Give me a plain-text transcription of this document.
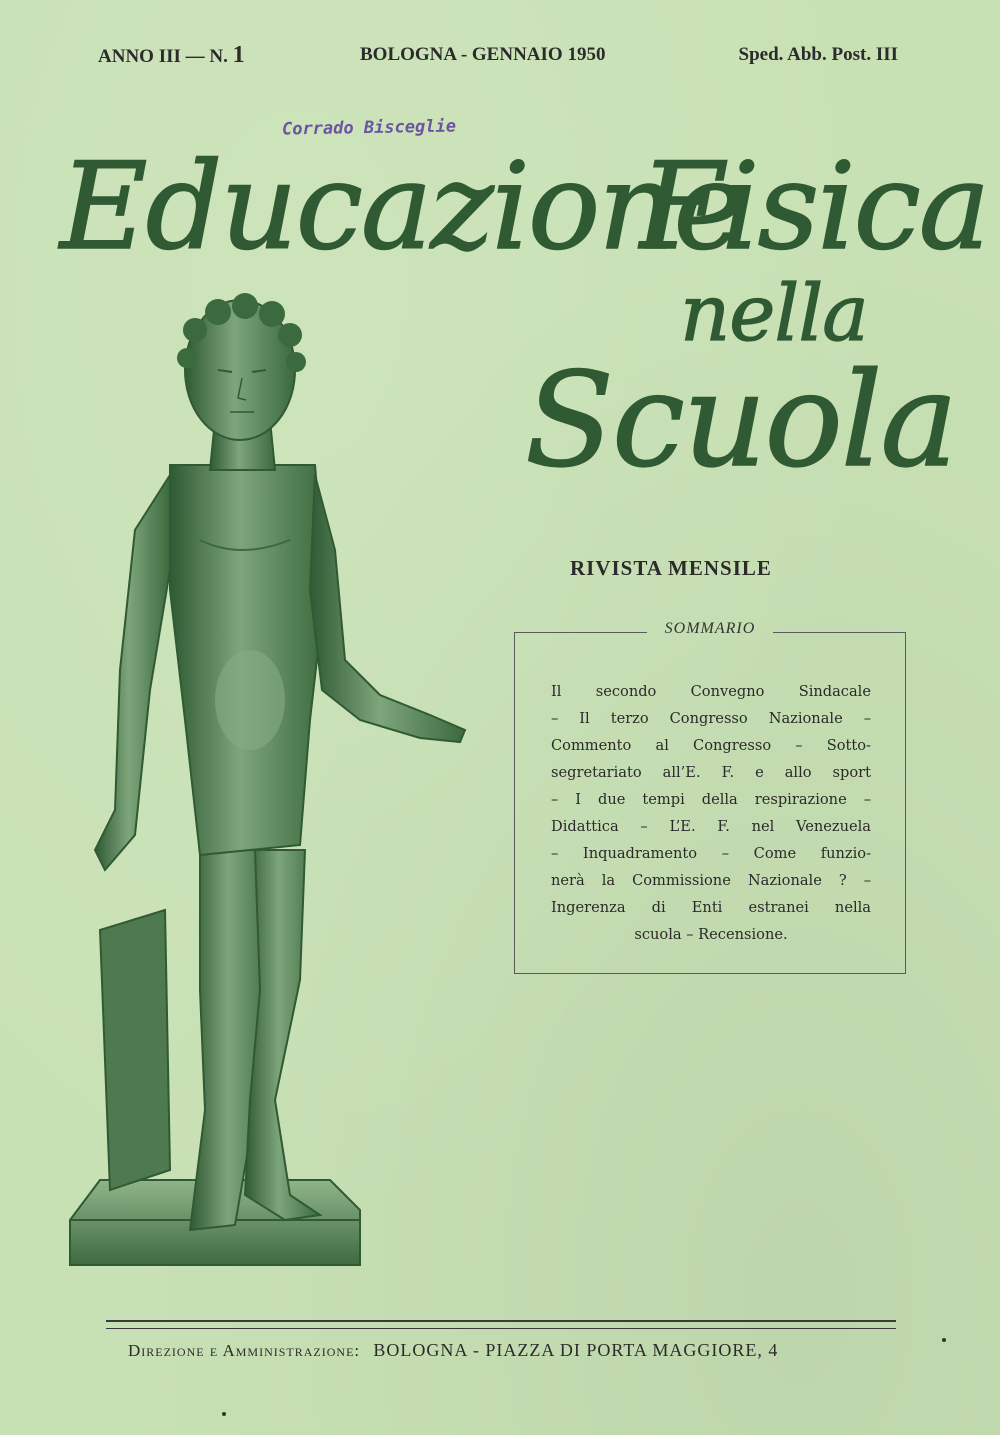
ANNO III — N. 1	BOLOGNA - GENNAIO 1950	Sped. Abb. Post. III
Corrado Bisceglie
Educazione
Fisica
nella
Scuola
RIVISTA MENSILE
SOMMARIO
Il secondo Convegno Sindacale
– Il terzo Congresso Nazionale –
Commento al Congresso – Sotto-
segretariato all’E. F. e allo sport
– I due tempi della respirazione –
Didattica – L’E. F. nel Venezuela
– Inquadramento – Come funzio-
nerà la Commissione Nazionale ? –
Ingerenza di Enti estranei nella
scuola – Recensione.
Direzione e Amministrazione: BOLOGNA - PIAZZA DI PORTA MAGGIORE, 4
